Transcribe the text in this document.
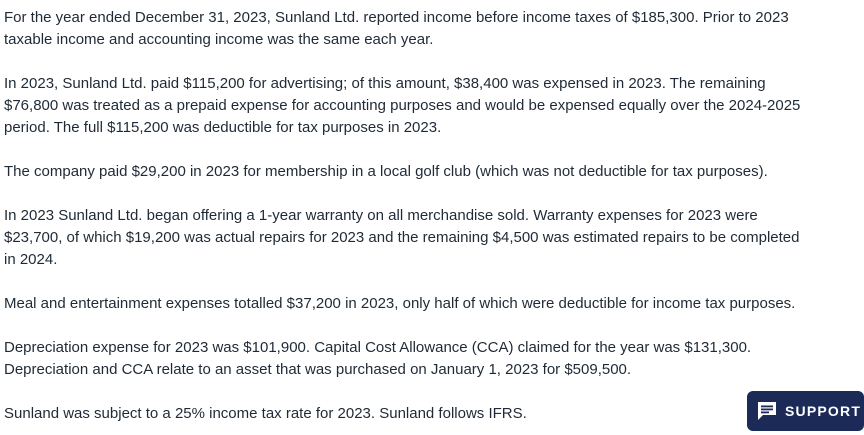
For the year ended December 31, 2023, Sunland Ltd. reported income before income taxes of $185,300. Prior to 2023
taxable income and accounting income was the same each year.

In 2023, Sunland Ltd. paid $115,200 for advertising; of this amount, $38,400 was expensed in 2023. The remaining
$76,800 was treated as a prepaid expense for accounting purposes and would be expensed equally over the 2024-2025
period. The full $115,200 was deductible for tax purposes in 2023.

The company paid $29,200 in 2023 for membership in a local golf club (which was not deductible for tax purposes).

In 2023 Sunland Ltd. began offering a 1-year warranty on all merchandise sold. Warranty expenses for 2023 were
$23,700, of which $19,200 was actual repairs for 2023 and the remaining $4,500 was estimated repairs to be completed
in 2024.

Meal and entertainment expenses totalled $37,200 in 2023, only half of which were deductible for income tax purposes.

Depreciation expense for 2023 was $101,900. Capital Cost Allowance (CCA) claimed for the year was $131,300.
Depreciation and CCA relate to an asset that was purchased on January 1, 2023 for $509,500.

Sunland was subject to a 25% income tax rate for 2023. Sunland follows IFRS.	SUPPORT
